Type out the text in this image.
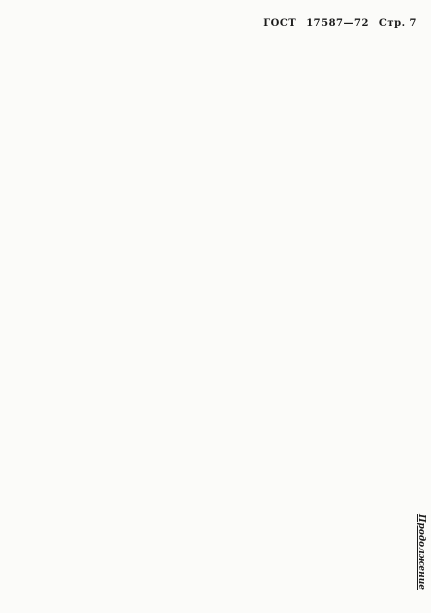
ГОСТ 17587—72 Стр. 7
Продолжение
